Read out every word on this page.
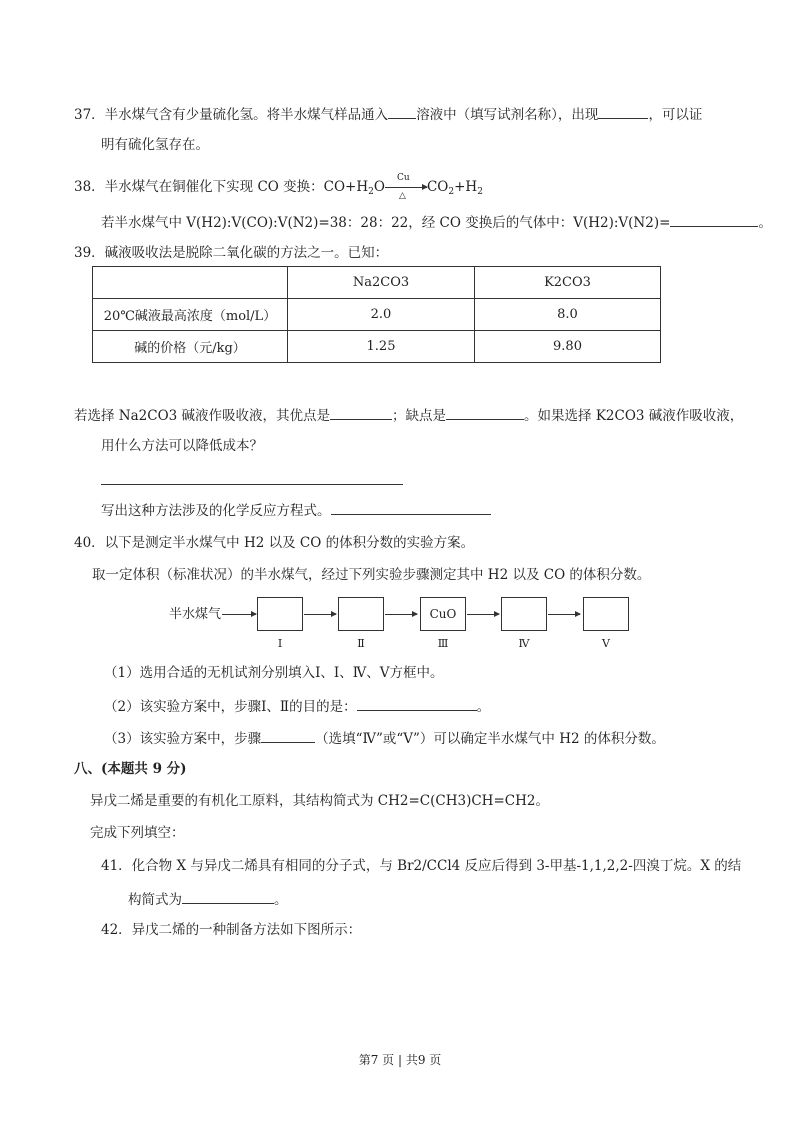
37．半水煤气含有少量硫化氢。将半水煤气样品通入 溶液中（填写试剂名称），出现	，可以证
明有硫化氢存在。
38．半水煤气在铜催化下实现 CO 变换：$CO+H_2O$
Cu
△
$CO_2+H_2$
若半水煤气中 V(H2):V(CO):V(N2)=38：28：22，经 CO 变换后的气体中：V(H2):V(N2)=	。
39．碱液吸收法是脱除二氧化碳的方法之一。已知：
	Na2CO3	K2CO3
20℃碱液最高浓度（mol/L）	2.0	8.0
碱的价格（元/kg）	1.25	9.80
若选择 Na2CO3 碱液作吸收液，其优点是	；缺点是	。如果选择 K2CO3 碱液作吸收液，
用什么方法可以降低成本？
写出这种方法涉及的化学反应方程式。
40．以下是测定半水煤气中 H2 以及 CO 的体积分数的实验方案。
取一定体积（标准状况）的半水煤气，经过下列实验步骤测定其中 H2 以及 CO 的体积分数。
半水煤气
Ⅰ	Ⅱ
CuO
Ⅲ	Ⅳ	Ⅴ
（1）选用合适的无机试剂分别填入Ⅰ、Ⅰ、Ⅳ、Ⅴ方框中。
（2）该实验方案中，步骤Ⅰ、Ⅱ的目的是：	。
（3）该实验方案中，步骤	（选填“Ⅳ”或“Ⅴ”）可以确定半水煤气中 H2 的体积分数。
八、(本题共 9 分)
异戊二烯是重要的有机化工原料，其结构简式为 CH2=C(CH3)CH=CH2。
完成下列填空：
41．化合物 X 与异戊二烯具有相同的分子式，与 Br2/CCl4 反应后得到 3-甲基-1,1,2,2-四溴丁烷。X 的结
构简式为	。
42．异戊二烯的一种制备方法如下图所示：
第7 页 | 共9 页
